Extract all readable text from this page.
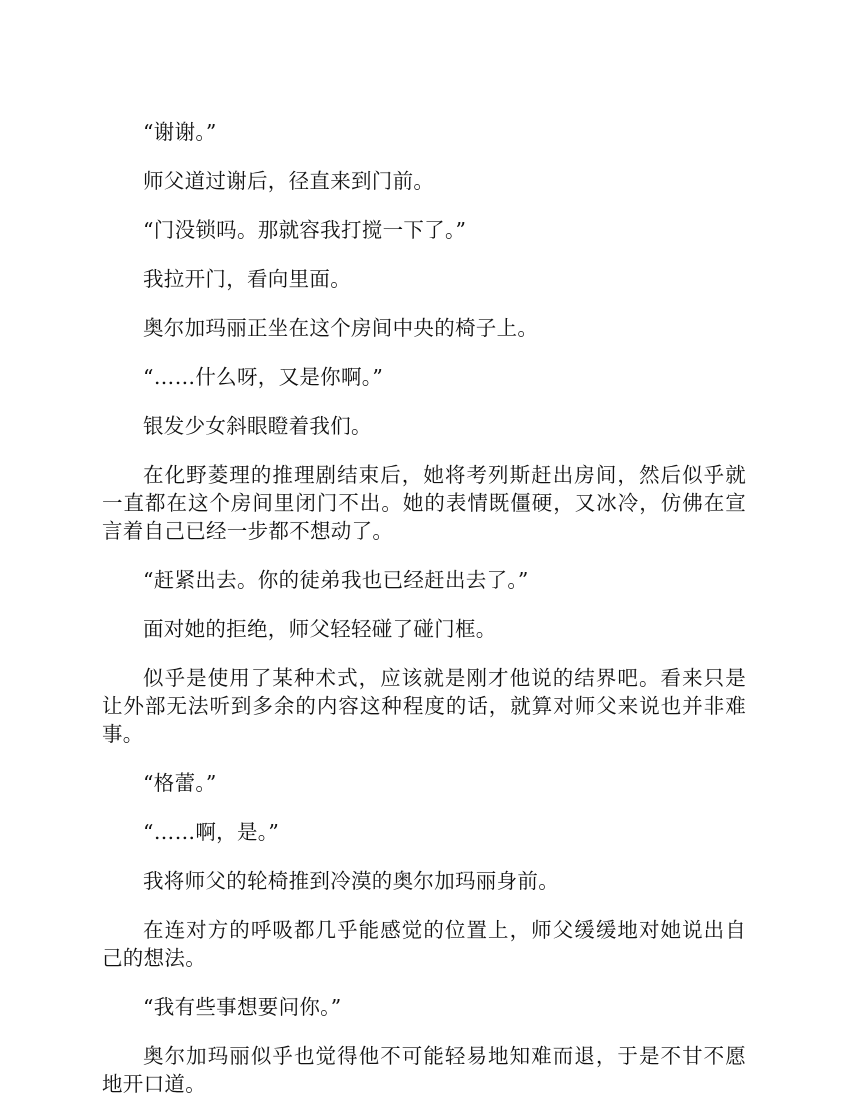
“谢谢。”

师父道过谢后，径直来到门前。

“门没锁吗。那就容我打搅一下了。”

我拉开门，看向里面。

奥尔加玛丽正坐在这个房间中央的椅子上。

“……什么呀，又是你啊。”

银发少女斜眼瞪着我们。

在化野菱理的推理剧结束后，她将考列斯赶出房间，然后似乎就一直都在这个房间里闭门不出。她的表情既僵硬，又冰冷，仿佛在宣言着自己已经一步都不想动了。

“赶紧出去。你的徒弟我也已经赶出去了。”

面对她的拒绝，师父轻轻碰了碰门框。

似乎是使用了某种术式，应该就是刚才他说的结界吧。看来只是让外部无法听到多余的内容这种程度的话，就算对师父来说也并非难事。

“格蕾。”

“……啊，是。”

我将师父的轮椅推到冷漠的奥尔加玛丽身前。

在连对方的呼吸都几乎能感觉的位置上，师父缓缓地对她说出自己的想法。

“我有些事想要问你。”

奥尔加玛丽似乎也觉得他不可能轻易地知难而退，于是不甘不愿地开口道。
